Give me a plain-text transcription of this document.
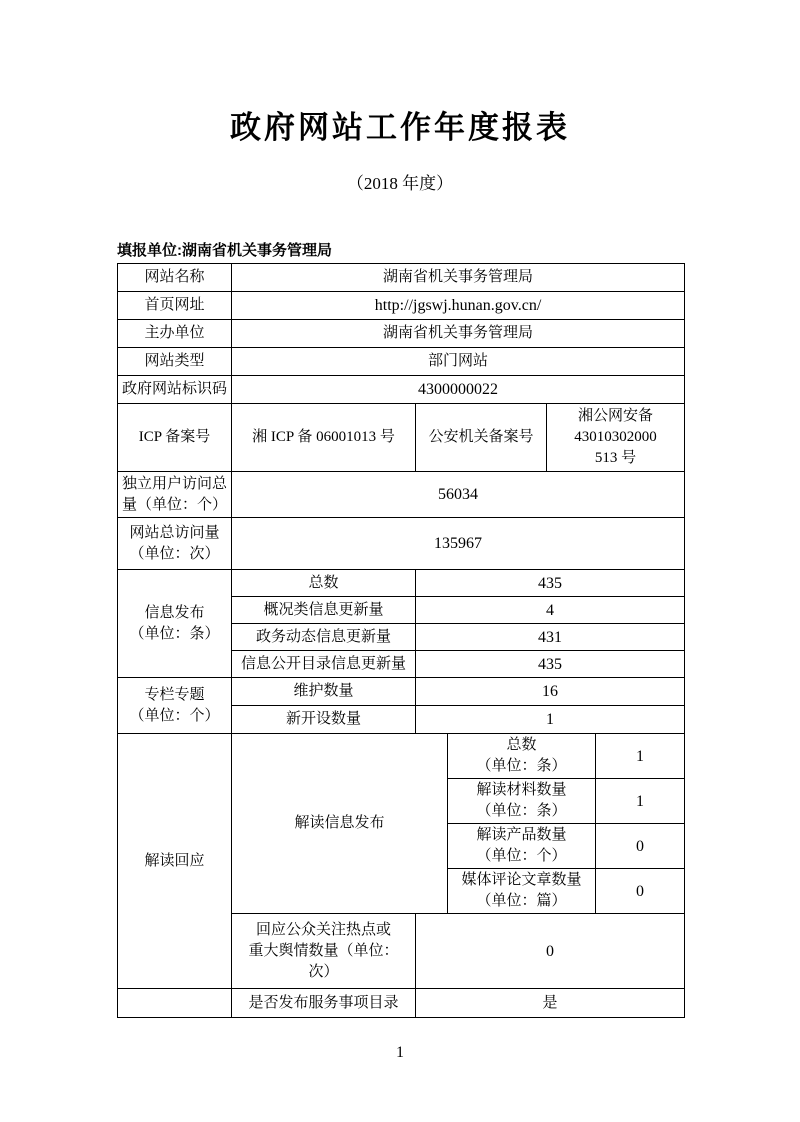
政府网站工作年度报表
（2018 年度）
填报单位:湖南省机关事务管理局
网站名称	湖南省机关事务管理局				
首页网址	http://jgswj.hunan.gov.cn/				
主办单位	湖南省机关事务管理局				
网站类型	部门网站				
政府网站标识码	4300000022				
ICP 备案号	湘 ICP 备 06001013 号	公安机关备案号		湘公网安备
43010302000
513 号	

独立用户访问总
量（单位：个）	56034				

网站总访问量
（单位：次）	135967				

信息发布
（单位：条）	总数	435			
	概况类信息更新量	4			
	政务动态信息更新量	431			
	信息公开目录信息更新量	435			

专栏专题
（单位：个）	维护数量	16			
	新开设数量	1			
解读回应	解读信息发布		总数
（单位：条）		1

			解读材料数量
（单位：条）		1

			解读产品数量
（单位：个）		0

			媒体评论文章数量
（单位：篇）		0

	回应公众关注热点或
重大舆情数量（单位：
次）	0			
	是否发布服务事项目录	是			
1
